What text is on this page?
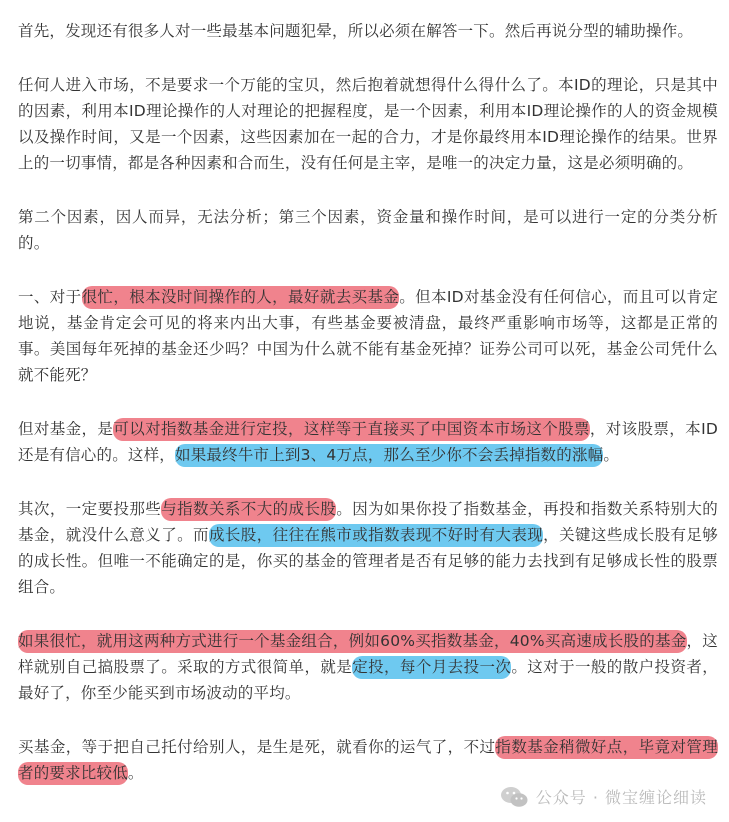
首先，发现还有很多人对一些最基本问题犯晕，所以必须在解答一下。然后再说分型的辅助操作。

任何人进入市场，不是要求一个万能的宝贝，然后抱着就想得什么得什么了。本ID的理论，只是其中的因素，利用本ID理论操作的人对理论的把握程度，是一个因素，利用本ID理论操作的人的资金规模以及操作时间，又是一个因素，这些因素加在一起的合力，才是你最终用本ID理论操作的结果。世界上的一切事情，都是各种因素和合而生，没有任何是主宰，是唯一的决定力量，这是必须明确的。

第二个因素，因人而异，无法分析；第三个因素，资金量和操作时间，是可以进行一定的分类分析的。

一、对于很忙，根本没时间操作的人，最好就去买基金。但本ID对基金没有任何信心，而且可以肯定地说，基金肯定会可见的将来内出大事，有些基金要被清盘，最终严重影响市场等，这都是正常的事。美国每年死掉的基金还少吗？中国为什么就不能有基金死掉？证券公司可以死，基金公司凭什么就不能死？

但对基金，是可以对指数基金进行定投，这样等于直接买了中国资本市场这个股票，对该股票，本ID还是有信心的。这样，如果最终牛市上到3、4万点，那么至少你不会丢掉指数的涨幅。

其次，一定要投那些与指数关系不大的成长股。因为如果你投了指数基金，再投和指数关系特别大的基金，就没什么意义了。而成长股，往往在熊市或指数表现不好时有大表现，关键这些成长股有足够的成长性。但唯一不能确定的是，你买的基金的管理者是否有足够的能力去找到有足够成长性的股票组合。

如果很忙，就用这两种方式进行一个基金组合，例如60%买指数基金，40%买高速成长股的基金，这样就别自己搞股票了。采取的方式很简单，就是定投，每个月去投一次。这对于一般的散户投资者，最好了，你至少能买到市场波动的平均。

买基金，等于把自己托付给别人，是生是死，就看你的运气了，不过指数基金稍微好点，毕竟对管理者的要求比较低。

公众号 · 微宝缠论细读
